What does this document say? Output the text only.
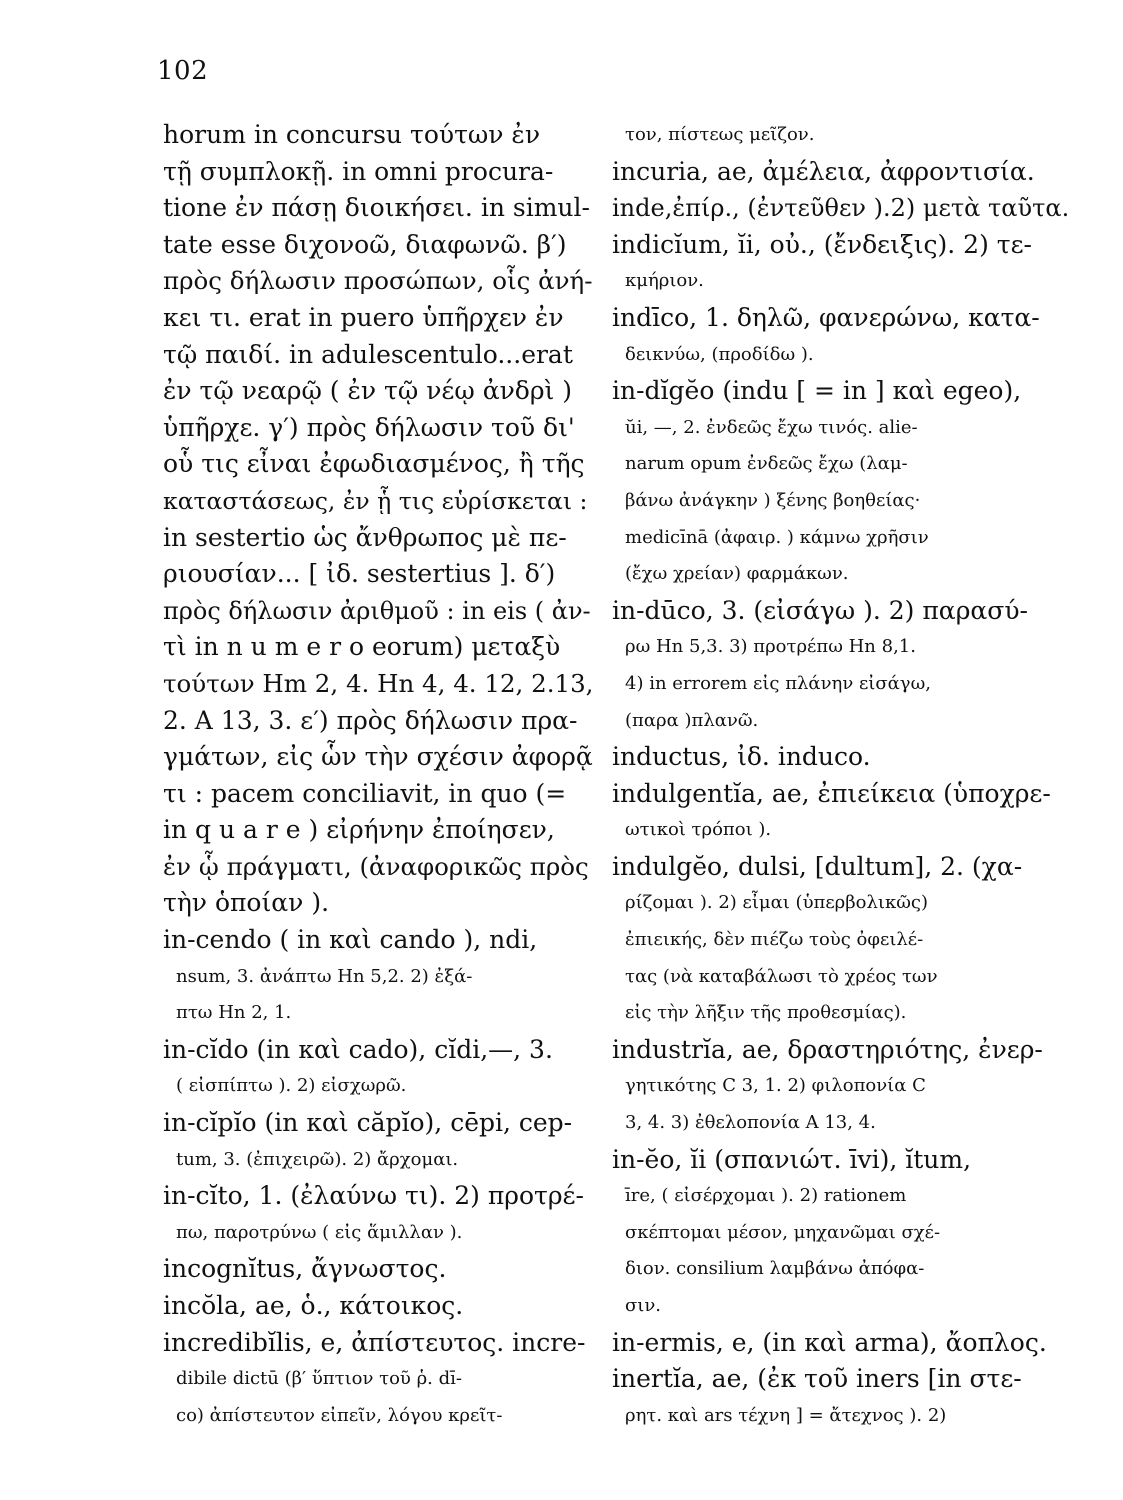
102
horum in concursu τούτων ἐν
τῇ συμπλοκῇ. in omni procura-
tione ἐν πάσῃ διοικήσει. in simul-
tate esse διχονοῶ, διαφωνῶ. β′)
πρὸς δήλωσιν προσώπων, οἷς ἀνή-
κει τι. erat in puero ὑπῆρχεν ἐν
τῷ παιδί. in adulescentulo...erat
ἐν τῷ νεαρῷ ( ἐν τῷ νέῳ ἀνδρὶ )
ὑπῆρχε. γ′) πρὸς δήλωσιν τοῦ δι'
οὗ τις εἶναι ἐφωδιασμένος, ἢ τῆς
καταστάσεως, ἐν ᾗ τις εὑρίσκεται :
in sestertio ὡς ἄνθρωπος μὲ πε-
ριουσίαν... [ ἰδ. sestertius ]. δ′)
πρὸς δήλωσιν ἀριθμοῦ : in eis ( ἀν-
τὶ in n u m e r o eorum) μεταξὺ
τούτων Hm 2, 4. Hn 4, 4. 12, 2.13,
2. A 13, 3. ε′) πρὸς δήλωσιν πρα-
γμάτων, εἰς ὧν τὴν σχέσιν ἀφορᾷ
τι : pacem conciliavit, in quo (=
in q u a r e ) εἰρήνην ἐποίησεν,
ἐν ᾧ πράγματι, (ἀναφορικῶς πρὸς
τὴν ὁποίαν ).
in-cendo ( in καὶ cando ), ndi,
nsum, 3. ἀνάπτω Hn 5,2. 2) ἐξά-
πτω Hn 2, 1.
in-cĭdo (in καὶ cado), cĭdi,—, 3.
( εἰσπίπτω ). 2) εἰσχωρῶ.
in-cĭpĭo (in καὶ căpĭo), cēpi, cep-
tum, 3. (ἐπιχειρῶ). 2) ἄρχομαι.
in-cĭto, 1. (ἐλαύνω τι). 2) προτρέ-
πω, παροτρύνω ( εἰς ἅμιλλαν ).
incognĭtus, ἄγνωστος.
incŏla, ae, ὁ., κάτοικος.
incredibĭlis, e, ἀπίστευτος. incre-
dibile dictū (β′ ὕπτιον τοῦ ῥ. dī-
co) ἀπίστευτον εἰπεῖν, λόγου κρεῖτ-
τον, πίστεως μεῖζον.
incuria, ae, ἀμέλεια, ἀφροντισία.
inde,ἐπίρ., (ἐντεῦθεν ).2) μετὰ ταῦτα.
indicĭum, ĭi, οὐ., (ἔνδειξις). 2) τε-
κμήριον.
indīco, 1. δηλῶ, φανερώνω, κατα-
δεικνύω, (προδίδω ).
in-dĭgĕo (indu [ = in ] καὶ egeo),
ŭi, —, 2. ἐνδεῶς ἔχω τινός. alie-
narum opum ἐνδεῶς ἔχω (λαμ-
βάνω ἀνάγκην ) ξένης βοηθείας·
medicīnā (ἀφαιρ. ) κάμνω χρῆσιν
(ἔχω χρείαν) φαρμάκων.
in-dūco, 3. (εἰσάγω ). 2) παρασύ-
ρω Hn 5,3. 3) προτρέπω Hn 8,1.
4) in errorem εἰς πλάνην εἰσάγω,
(παρα )πλανῶ.
inductus, ἰδ. induco.
indulgentĭa, ae, ἐπιείκεια (ὑποχρε-
ωτικοὶ τρόποι ).
indulgĕo, dulsi, [dultum], 2. (χα-
ρίζομαι ). 2) εἶμαι (ὑπερβολικῶς)
ἐπιεικής, δὲν πιέζω τοὺς ὀφειλέ-
τας (νὰ καταβάλωσι τὸ χρέος των
εἰς τὴν λῆξιν τῆς προθεσμίας).
industrĭa, ae, δραστηριότης, ἐνερ-
γητικότης C 3, 1. 2) φιλοπονία C
3, 4. 3) ἐθελοπονία A 13, 4.
in-ĕo, ĭi (σπανιώτ. īvi), ĭtum,
īre, ( εἰσέρχομαι ). 2) rationem
σκέπτομαι μέσον, μηχανῶμαι σχέ-
διον. consilium λαμβάνω ἀπόφα-
σιν.
in-ermis, e, (in καὶ arma), ἄοπλος.
inertĭa, ae, (ἐκ τοῦ iners [in στε-
ρητ. καὶ ars τέχνη ] = ἄτεχνος ). 2)
